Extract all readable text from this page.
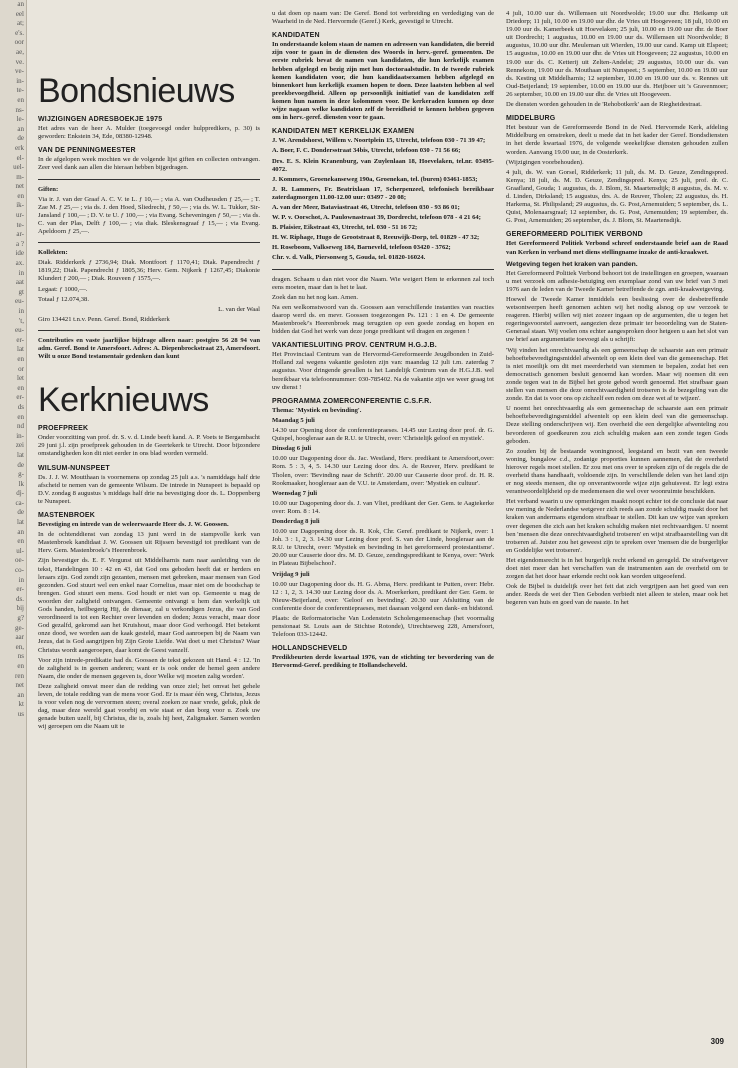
an
eel
at;
e's.
oor
ae,
ve.
ve-
in-
te-
en
ns-
le-
an
de
erk
el-
uel-
m-
net
en
ik-
ur-
te-
ar-
a ?
ide
ax.
in
aat
gt
eu-
in
't,
eu-
er-
lat
en
or
let
en
er-
ds
en
nd
in-
zei
lat
de
g-
lk
dj-
ca-
de
lat
an
en
ul-
oe-
co-
in
er-
ds.
bij
g?
ge-
aar
en,
ns
en
ren
net
an
kt
us
Bondsnieuws
WIJZIGINGEN ADRESBOEKJE 1975

Het adres van de heer A. Mulder (toegevoegd onder hulppredikers, p. 30) is geworden: Enkstein 34, Ede, 08380-12948.

VAN DE PENNINGMEESTER

In de afgelopen week mochten we de volgende lijst giften en collecten ontvangen. Zeer veel dank aan allen die hieraan hebben bijgedragen.

Giften:

Via ir. J. van der Graaf A. C. V. te L. ƒ 10,— ; via A. van Oudheusden ƒ 25,— ; T. Zae M. ƒ 25,— ; via ds. J. den Hoed, Sliedrecht, ƒ 50,— ; via ds. W. L. Tukker, Sir-Jansland ƒ 100,— ; D. V. te U. ƒ 100,— ; via Evang. Scheveningen ƒ 50,— ; via ds. C. van der Plas, Delft ƒ 100,— ; via diak. Bleskensgraaf ƒ 15,— ; via Evang. Apeldoorn ƒ 25,—.

Kollekten:

Diak. Ridderkerk ƒ 2736,94; Diak. Montfoort ƒ 1170,41; Diak. Papendrecht ƒ 1819,22; Diak. Papendrecht ƒ 1805,36; Herv. Gem. Nijkerk ƒ 1267,45; Diakonie Klundert ƒ 200,— ; Diak. Rouveen ƒ 1575,—.

Legaat: ƒ 1000,—.

Totaal ƒ 12.074,38.

L. van der Waal

Giro 134421 t.n.v. Penn. Geref. Bond, Ridderkerk

Contributies en vaste jaarlijkse bijdrage alleen naar: postgiro 56 28 94 van adm. Geref. Bond te Amersfoort. Adres: A. Diepenbrockstraat 23, Amersfoort. Wilt u onze Bond testamentair gedenken dan kunt

Kerknieuws
PROEFPREEK

Onder voorzitting van prof. dr. S. v. d. Linde beeft kand. A. P. Voets te Bergambacht 29 juni j.l. zijn proefpreek gehouden in de Geertekerk te Utrecht. Door bijzondere omstandigheden kon dit niet eerder in ons blad worden vermeld.

WILSUM-NUNSPEET

Ds. J. J. W. Moutthaan is voornemens op zondag 25 juli a.s. 's namiddags half drie afscheid te nemen van de gemeente Wilsum. De intrede in Nunspeet is bepaald op D.V. zondag 8 augustus 's middags half drie na bevestiging door ds. L. Doppenberg te Nunspeet.

MASTENBROEK

Bevestiging en intrede van de weleerwaarde Heer ds. J. W. Goossen.

In de ochtenddienst van zondag 13 juni werd in de stampvolle kerk van Mastenbroek kandidaat J. W. Goossen uit Rijssen bevestigd tot predikant van de Herv. Gem. Mastenbroek/'s Heerenbroek.

Zijn bevestiger ds. E. F. Vergunst uit Middelharnis nam naar aanleiding van de tekst, Handelingen 10 : 42 en 43, dat God ons geboden heeft dat er herders en leraars zijn. God zendt zijn gezanten, mensen met gebreken, maar mensen van God gezonden. God stuurt wel een enkel naar Cornelius, maar niet om de boodschap te brengen. God stuurt een mens. God houdt er niet van op. Gemeente u mag de woorden der zaligheid ontvangen. Gemeente ontvangt u hem dan werkelijk uit Gods handen, heilbegerig Hij, de dienaar, zal u verkondigen Jezus, die van God verordineerd is tot een Rechter over levenden en doden; Jezus veracht, maar door God gezalfd, gekromd aan het Kruishout, maar door God verhoogd. Het betekent onze dood, we worden aan de kaak gesteld, maar God aanroepen bij de Naam van Jezus, dat is God aangrijpen bij Zijn Grote Liefde. Wat doet u met Christus? Waar Christus wordt aangeroepen, daar komt de Geest vanzelf.

Voor zijn intrede-predikatie had ds. Goossen de tekst gekozen uit Hand. 4 : 12. 'In de zaligheid is in geenen anderen; want er is ook onder de hemel geen andere Naam, die onder de mensen gegeven is, door Welke wij moeten zalig worden'.

Deze zaligheid omvat meer dan de redding van onze ziel; het omvat het gehele leven, de totale redding van de mens voor God. Er is maar één weg, Christus, Jezus is voor velen nog de vervormen steen; overal zoeken ze naar vrede, geluk, pluk de dag, maar deze wereld gaat voorbij en wie staat er dan borg voor u. Zoek uw genade buiten uzelf, bij Christus, die is, zoals hij heet, Zaligmaker. Samen worden wij geroepen om die Naam uit te

u dat doen op naam van: De Geref. Bond tot verbreiding en verdediging van de Waarheid in de Ned. Hervormde (Geref.) Kerk, gevestigd te Utrecht.

KANDIDATEN

In onderstaande kolom staan de namen en adressen van kandidaten, die bereid zijn voor te gaan in de diensten des Woords in herv.-geref. gemeenten. De eerste rubriek bevat de namen van kandidaten, die hun kerkelijk examen hebben afgelegd en bezig zijn met hun doctoraalstudie. In de tweede rubriek komen kandidaten voor, die hun kandidaatsexamen hebben afgelegd en binnenkort hun kerkelijk examen hopen te doen. Deze laatsten hebben al wel preekbevoegdheid. Alleen op persoonlijk initiatief van de kandidaten zelf komen hun namen in deze kolommen voor. De kerkeraden kunnen op deze wijze nagaan welke kandidaten zelf de bereidheid te kennen hebben gegeven om in herv.-geref. diensten voor te gaan.

KANDIDATEN MET KERKELIJK EXAMEN

J. W. Arendshorst, Willem v. Noortplein 15, Utrecht, telefoon 030 - 71 39 47;

A. Boer, F. C. Dondersstraat 34bis, Utrecht, telefoon 030 - 71 56 66;

Drs. E. S. Klein Kranenburg, van Zuylenlaan 18, Hoevelaken, tel.nr. 03495-4072.

J. Kommers, Groenekanseweg 190a, Groenekan, tel. (buren) 03461-1853;

J. R. Lammers, Fr. Beatrixlaan 17, Scherpenzeel, telefonisch bereikbaar zaterdagmorgen 11.00-12.00 uur: 03497 - 20 08;

A. van der Meer, Bataviastraat 46, Utrecht, telefoon 030 - 93 86 01;

W. P. v. Oorschot, A. Paulownastraat 39, Dordrecht, telefoon 078 - 4 21 64;

B. Plaisier, Eikstraat 43, Utrecht, tel. 030 - 51 16 72;

H. W. Riphage, Hugo de Grootstraat 8, Reeuwijk-Dorp, tel. 01829 - 47 32;

H. Roseboom, Valkseweg 184, Barneveld, telefoon 03420 - 3762;

Chr. v. d. Valk, Piersonweg 5, Gouda, tel. 01820-16024.

dragen. Schaam u dan niet voor die Naam. Wie weigert Hem te erkennen zal toch eens moeten, maar dan is het te laat.

Zoek dan nu het nog kan. Amen.

Na een welkomstwoord van ds. Goossen aan verschillende instanties van reacties daarop werd ds. en mevr. Goossen toegezongen Ps. 121 : 1 en 4. De gemeente Mastenbroek/'s Heerenbroek mag terugzien op een goede zondag en hopen en bidden dat God het werk van deze jonge predikant wil dragen en zegenen !

VAKANTIESLUITING PROV. CENTRUM H.G.J.B.

Het Provinciaal Centrum van de Hervormd-Gereformeerde Jeugdbonden in Zuid-Holland zal wegens vakantie gesloten zijn van: maandag 12 juli t.m. zaterdag 7 augustus. Voor dringende gevallen is het Landelijk Centrum van de H.G.J.B. wel bereikbaar via telefoonnummer: 030-785402. Na de vakantie zijn we weer graag tot uw dienst !

PROGRAMMA ZOMERCONFERENTIE C.S.F.R.

Thema: 'Mystiek en bevinding'.

Maandag 5 juli

14.30 uur Opening door de conferentiepraeses. 14.45 uur Lezing door prof. dr. G. Quispel, hoogleraar aan de R.U. te Utrecht, over: 'Christelijk geloof en mystiek'.

Dinsdag 6 juli

10.00 uur Dagopening door ds. Jac. Westland, Herv. predikant te Amersfoort,over: Rom. 5 : 3, 4, 5. 14.30 uur Lezing door drs. A. de Reuver, Herv. predikant te Tholen, over: 'Bevinding naar de Schrift'. 20.00 uur Causerie door prof. dr. H. R. Rookmaaker, hoogleraar aan de V.U. te Amsterdam, over: 'Mystiek en cultuur'.

Woensdag 7 juli

10.00 uur Dagopening door ds. J. van Vliet, predikant der Ger. Gem. te Aagtekerke over: Rom. 8 : 14.

Donderdag 8 juli

10.00 uur Dagopening door ds. R. Kok, Chr. Geref. predikant te Nijkerk, over: 1 Joh. 3 : 1, 2, 3. 14.30 uur Lezing door prof. S. van der Linde, hoogleraar aan de R.U. te Utrecht, over: 'Mystiek en bevinding in het gereformeerd protestantisme'. 20.00 uur Causerie door drs. M. D. Geuze, zendingspredikant te Kenya, over: 'Werk in Plateau Bijbelschool'.

Vrijdag 9 juli

10.00 uur Dagopening door ds. H. G. Abma, Herv. predikant te Putten, over: Hebr. 12 : 1, 2, 3. 14.30 uur Lezing door ds. A. Moerkerken, predikant der Ger. Gem. te Nieuw-Beijerland, over: 'Geloof en bevinding'. 20.30 uur Afsluiting van de conferentie door de conferentiepraeses, met daaraan volgend een dank- en bidstond.

Plaats: de Reformatorische Van Lodenstein Scholengemeenschap (het voormalig pensionaat St. Louis aan de Stichtse Rotonde), Utrechtseweg 228, Amersfoort, Telefoon 033-12442.

HOLLANDSCHEVELD

Predikbeurten derde kwartaal 1976, van de stichting ter bevordering van de Hervormd-Geref. prediking te Hollandscheveld.

4 juli, 10.00 uur ds. Willemsen uit Noordwolde; 19.00 uur dhr. Heikamp uit Driedorp; 11 juli, 10.00 en 19.00 uur dhr. de Vries uit Hoogeveen; 18 juli, 10.00 en 19.00 uur ds. Kamerbeek uit Hoevelaken; 25 juli, 10.00 en 19.00 uur dhr. de Boer uit Dordrecht; 1 augustus, 10.00 en 19.00 uur ds. Willemsen uit Noordwolde; 8 augustus, 10.00 uur dhr. Meuleman uit Wierden, 19.00 uur cand. Kamp uit Elspeet; 15 augustus, 10.00 en 19.00 uur dhr. de Vries uit Hoogeveen; 22 augustus, 10.00 en 19.00 uur ds. C. Ketterij uit Zelten-Andelst; 29 augustus, 10.00 uur ds. van Rennekom, 19.00 uur ds. Mouthaan uit Nunspeet.; 5 september, 10.00 en 19.00 uur ds. Kesting uit Middelharnis; 12 september, 10.00 en 19.00 uur ds. v. Rennes uit Oud-Beijerland; 19 september, 10.00 en 19.00 uur ds. Heijboer uit 's Gravenmoer; 26 september, 10.00 en 19.00 uur dhr. de Vries uit Hoogeveen.

De diensten worden gehouden in de 'Rehobotkerk' aan de Riegheidestraat.

MIDDELBURG

Het bestuur van de Gereformeerde Bond in de Ned. Hervormde Kerk, afdeling Middelburg en omstreken, deelt u mede dat in het kader der Geref. Bondsdiensten in het derde kwartaal 1976, de volgende weekelijkse diensten gehouden zullen worden. Aanvang 19.00 uur, in de Oosterkerk.

(Wijzigingen voorbehouden).

4 juli, ds. W. van Gorsel, Ridderkerk; 11 juli, ds. M. D. Geuze, Zendingspred. Kenya; 18 juli, ds. M. D. Geuze, Zendingspred. Kenya; 25 juli, prof. dr. C. Graafland, Gouda; 1 augustus, ds. J. Blom, St. Maartensdijk; 8 augustus, ds. M. v. d. Linden, Dirksland; 15 augustus, drs. A. de Reuver, Tholen; 22 augustus, ds. H. Harkema, St. Philipsland; 29 augustus, ds. G. Post,Arnemuiden; 5 september, ds. L. Quist, Molenaarsgraaf; 12 september, ds. G. Post, Arnemuiden; 19 september, ds. G. Post, Arnemuiden; 26 september, ds. J. Blom, St. Maartensdijk.

GEREFORMEERD POLITIEK VERBOND

Het Gereformeerd Politiek Verbond schreef onderstaande brief aan de Raad van Kerken in verband met diens stellingname inzake de anti-kraakwet.

Wetgeving tegen het kraken van panden.

Het Gereformeerd Politiek Verbond behoort tot de instellingen en groepen, waaraan u met verzoek om adhesie-betuiging een exemplaar zond van uw brief van 3 mei 1976 aan de leden van de Tweede Kamer betreffende de zgn. anti-kraakwetgeving.

Hoewel de Tweede Kamer inmiddels een beslissing over de desbetreffende wetsontwerpen heeft genomen achten wij het nodig alsnog op uw verzoek te reageren. Hierbij willen wij niet zozeer ingaan op de argumenten, die u tegen het regeringsvoorstel aanvoert, aangezien deze primair ter beoordeling van de Staten-Generaal staan. Wij voelen ons echter aangesproken door hetgeen u aan het slot van uw brief aan argumentatie toevoegt als u schrijft:

'Wij vinden het onrechtvaardig als een gemeenschap de schaarste aan een primair behoeftebevredigingsmiddel afwentelt op een klein deel van die gemeenschap. Het is niet moeilijk om dit met meerderheid van stemmen te bepalen, zodat het een democratisch genomen besluit genoemd kan worden. Maar wij noemen dit een zonde tegen wat in de Bijbel het grote gebod wordt genoemd. Het strafbaar gaan stellen van mensen die deze onrechtvaardigheid trotseren is de bezegeling van die zonde. En dat is voor ons op zichzelf een reden om deze wet af te wijzen'.

U noemt het onrechtvaardig als een gemeenschap de schaarste aan een primair behoeftebevredigingsmiddel afwentelt op een klein deel van die gemeenschap. Deze stelling onderschrijven wij. Een overheid die een dergelijke afwenteling zou bevorderen of goedkeuren zou zich schuldig maken aan een zonde tegen Gods geboden.

Zo zouden bij de bestaande woningnood, leegstand en bezit van een tweede woning, bungalow c.d., zodanige proporties kunnen aannemen, dat de overheid hierover regels moet stellen. Er zou met ons over te spreken zijn of de regels die de overheid thans handhaaft, voldoende zijn. In verschillende delen van het land zijn er nog steeds mensen, die op onverantwoorde wijze zijn gehuisvest. Er legt extra verantwoordelijkheid op de medemensen die wel over woonruimte beschikken.

Het verband waarin u uw opmerkingen maakt noopt echter tot de conclusie dat naar uw mening de Nederlandse wetgever zich reeds aan zonde schuldig maakt door het kraken van andermans eigendom strafbaar te stellen. Dit kan uw wijze van spreken over degenen die zich aan het kraken schuldig maken niet rechtvaardigen. U noemt ben 'mensen die deze onrechtvaardigheid trotseren' en wijst strafbaarstelling van dit trotseren af. Juister zou het geweest zijn te spreken over 'mensen die de burgerlijke en Goddelijke wet trotseren'.

Het eigendomsrecht is in het burgerlijk recht erkend en geregeld. De strafwetgever doet niet meer dan het verschaffen van de instrumenten aan de overheid om te zorgen dat het door haar erkende recht ook kan worden uitgeoefend.

Ook de Bijbel is duidelijk over het feit dat zich vergrijpen aan het goed van een ander. Reeds de wet der Tien Geboden verbiedt niet alleen te stelen, maar ook het begeren van huis en goed van de naaste. In het

309
